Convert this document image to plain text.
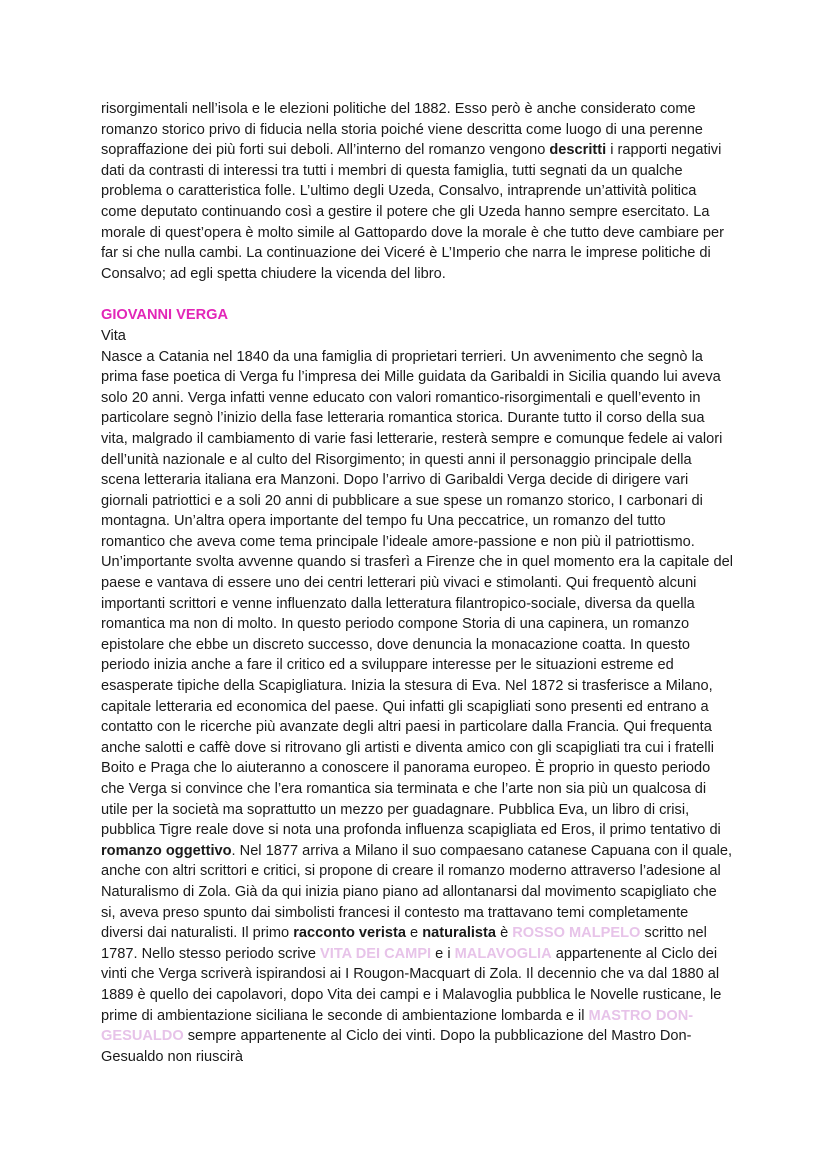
risorgimentali nell’isola e le elezioni politiche del 1882. Esso però è anche considerato come romanzo storico privo di fiducia nella storia poiché viene descritta come luogo di una perenne sopraffazione dei più forti sui deboli. All’interno del romanzo vengono descritti i rapporti negativi dati da contrasti di interessi tra tutti i membri di questa famiglia, tutti segnati da un qualche problema o caratteristica folle. L’ultimo degli Uzeda, Consalvo, intraprende un’attività politica come deputato continuando così a gestire il potere che gli Uzeda hanno sempre esercitato. La morale di quest’opera è molto simile al Gattopardo dove la morale è che tutto deve cambiare per far si che nulla cambi. La continuazione dei Viceré è L’Imperio che narra le imprese politiche di Consalvo; ad egli spetta chiudere la vicenda del libro.

GIOVANNI VERGA

Vita

Nasce a Catania nel 1840 da una famiglia di proprietari terrieri. Un avvenimento che segnò la prima fase poetica di Verga fu l’impresa dei Mille guidata da Garibaldi in Sicilia quando lui aveva solo 20 anni. Verga infatti venne educato con valori romantico-risorgimentali e quell’evento in particolare segnò l’inizio della fase letteraria romantica storica. Durante tutto il corso della sua vita, malgrado il cambiamento di varie fasi letterarie, resterà sempre e comunque fedele ai valori dell’unità nazionale e al culto del Risorgimento; in questi anni il personaggio principale della scena letteraria italiana era Manzoni. Dopo l’arrivo di Garibaldi Verga decide di dirigere vari giornali patriottici e a soli 20 anni di pubblicare a sue spese un romanzo storico, I carbonari di montagna. Un’altra opera importante del tempo fu Una peccatrice, un romanzo del tutto romantico che aveva come tema principale l’ideale amore-passione e non più il patriottismo. Un’importante svolta avvenne quando si trasferì a Firenze che in quel momento era la capitale del paese e vantava di essere uno dei centri letterari più vivaci e stimolanti. Qui frequentò alcuni importanti scrittori e venne influenzato dalla letteratura filantropico-sociale, diversa da quella romantica ma non di molto. In questo periodo compone Storia di una capinera, un romanzo epistolare che ebbe un discreto successo, dove denuncia la monacazione coatta. In questo periodo inizia anche a fare il critico ed a sviluppare interesse per le situazioni estreme ed esasperate tipiche della Scapigliatura. Inizia la stesura di Eva. Nel 1872 si trasferisce a Milano, capitale letteraria ed economica del paese. Qui infatti gli scapigliati sono presenti ed entrano a contatto con le ricerche più avanzate degli altri paesi in particolare dalla Francia. Qui frequenta anche salotti e caffè dove si ritrovano gli artisti e diventa amico con gli scapigliati tra cui i fratelli Boito e Praga che lo aiuteranno a conoscere il panorama europeo. È proprio in questo periodo che Verga si convince che l’era romantica sia terminata e che l’arte non sia più un qualcosa di utile per la società ma soprattutto un mezzo per guadagnare. Pubblica Eva, un libro di crisi, pubblica Tigre reale dove si nota una profonda influenza scapigliata ed Eros, il primo tentativo di romanzo oggettivo. Nel 1877 arriva a Milano il suo compaesano catanese Capuana con il quale, anche con altri scrittori e critici, si propone di creare il romanzo moderno attraverso l’adesione al Naturalismo di Zola. Già da qui inizia piano piano ad allontanarsi dal movimento scapigliato che si, aveva preso spunto dai simbolisti francesi il contesto ma trattavano temi completamente diversi dai naturalisti. Il primo racconto verista e naturalista è ROSSO MALPELO scritto nel 1787. Nello stesso periodo scrive VITA DEI CAMPI e i MALAVOGLIA appartenente al Ciclo dei vinti che Verga scriverà ispirandosi ai I Rougon-Macquart di Zola. Il decennio che va dal 1880 al 1889 è quello dei capolavori, dopo Vita dei campi e i Malavoglia pubblica le Novelle rusticane, le prime di ambientazione siciliana le seconde di ambientazione lombarda e il MASTRO DON-GESUALDO sempre appartenente al Ciclo dei vinti. Dopo la pubblicazione del Mastro Don-Gesualdo non riuscirà
